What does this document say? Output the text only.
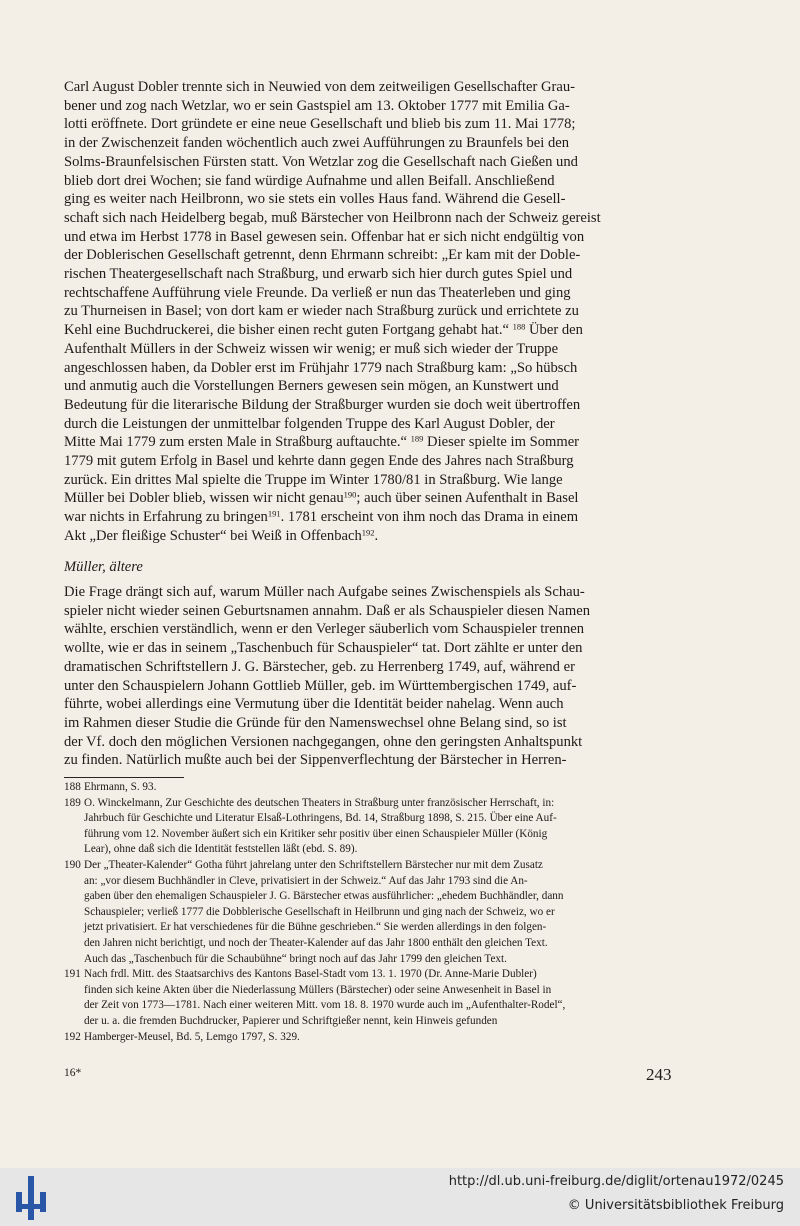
Carl August Dobler trennte sich in Neuwied von dem zeitweiligen Gesellschafter Grau-
bener und zog nach Wetzlar, wo er sein Gastspiel am 13. Oktober 1777 mit Emilia Ga-
lotti eröffnete. Dort gründete er eine neue Gesellschaft und blieb bis zum 11. Mai 1778;
in der Zwischenzeit fanden wöchentlich auch zwei Aufführungen zu Braunfels bei den
Solms-Braunfelsischen Fürsten statt. Von Wetzlar zog die Gesellschaft nach Gießen und
blieb dort drei Wochen; sie fand würdige Aufnahme und allen Beifall. Anschließend
ging es weiter nach Heilbronn, wo sie stets ein volles Haus fand. Während die Gesell-
schaft sich nach Heidelberg begab, muß Bärstecher von Heilbronn nach der Schweiz gereist
und etwa im Herbst 1778 in Basel gewesen sein. Offenbar hat er sich nicht endgültig von
der Doblerischen Gesellschaft getrennt, denn Ehrmann schreibt: „Er kam mit der Doble-
rischen Theatergesellschaft nach Straßburg, und erwarb sich hier durch gutes Spiel und
rechtschaffene Aufführung viele Freunde. Da verließ er nun das Theaterleben und ging
zu Thurneisen in Basel; von dort kam er wieder nach Straßburg zurück und errichtete zu
Kehl eine Buchdruckerei, die bisher einen recht guten Fortgang gehabt hat.“ $^{188}$ Über den
Aufenthalt Müllers in der Schweiz wissen wir wenig; er muß sich wieder der Truppe
angeschlossen haben, da Dobler erst im Frühjahr 1779 nach Straßburg kam: „So hübsch
und anmutig auch die Vorstellungen Berners gewesen sein mögen, an Kunstwert und
Bedeutung für die literarische Bildung der Straßburger wurden sie doch weit übertroffen
durch die Leistungen der unmittelbar folgenden Truppe des Karl August Dobler, der
Mitte Mai 1779 zum ersten Male in Straßburg auftauchte.“ $^{189}$ Dieser spielte im Sommer
1779 mit gutem Erfolg in Basel und kehrte dann gegen Ende des Jahres nach Straßburg
zurück. Ein drittes Mal spielte die Truppe im Winter 1780/81 in Straßburg. Wie lange
Müller bei Dobler blieb, wissen wir nicht genau$^{190}$; auch über seinen Aufenthalt in Basel
war nichts in Erfahrung zu bringen$^{191}$. 1781 erscheint von ihm noch das Drama in einem
Akt „Der fleißige Schuster“ bei Weiß in Offenbach$^{192}$.

Müller, ältere

Die Frage drängt sich auf, warum Müller nach Aufgabe seines Zwischenspiels als Schau-
spieler nicht wieder seinen Geburtsnamen annahm. Daß er als Schauspieler diesen Namen
wählte, erschien verständlich, wenn er den Verleger säuberlich vom Schauspieler trennen
wollte, wie er das in seinem „Taschenbuch für Schauspieler“ tat. Dort zählte er unter den
dramatischen Schriftstellern J. G. Bärstecher, geb. zu Herrenberg 1749, auf, während er
unter den Schauspielern Johann Gottlieb Müller, geb. im Württembergischen 1749, auf-
führte, wobei allerdings eine Vermutung über die Identität beider nahelag. Wenn auch
im Rahmen dieser Studie die Gründe für den Namenswechsel ohne Belang sind, so ist
der Vf. doch den möglichen Versionen nachgegangen, ohne den geringsten Anhaltspunkt
zu finden. Natürlich mußte auch bei der Sippenverflechtung der Bärstecher in Herren-
188 Ehrmann, S. 93.
189 O. Winckelmann, Zur Geschichte des deutschen Theaters in Straßburg unter französischer Herrschaft, in:
Jahrbuch für Geschichte und Literatur Elsaß-Lothringens, Bd. 14, Straßburg 1898, S. 215. Über eine Auf-
führung vom 12. November äußert sich ein Kritiker sehr positiv über einen Schauspieler Müller (König
Lear), ohne daß sich die Identität feststellen läßt (ebd. S. 89).
190 Der „Theater-Kalender“ Gotha führt jahrelang unter den Schriftstellern Bärstecher nur mit dem Zusatz
an: „vor diesem Buchhändler in Cleve, privatisiert in der Schweiz.“ Auf das Jahr 1793 sind die An-
gaben über den ehemaligen Schauspieler J. G. Bärstecher etwas ausführlicher: „ehedem Buchhändler, dann
Schauspieler; verließ 1777 die Dobblerische Gesellschaft in Heilbrunn und ging nach der Schweiz, wo er
jetzt privatisiert. Er hat verschiedenes für die Bühne geschrieben.“ Sie werden allerdings in den folgen-
den Jahren nicht berichtigt, und noch der Theater-Kalender auf das Jahr 1800 enthält den gleichen Text.
Auch das „Taschenbuch für die Schaubühne“ bringt noch auf das Jahr 1799 den gleichen Text.
191 Nach frdl. Mitt. des Staatsarchivs des Kantons Basel-Stadt vom 13. 1. 1970 (Dr. Anne-Marie Dubler)
finden sich keine Akten über die Niederlassung Müllers (Bärstecher) oder seine Anwesenheit in Basel in
der Zeit von 1773—1781. Nach einer weiteren Mitt. vom 18. 8. 1970 wurde auch im „Aufenthalter-Rodel“,
der u. a. die fremden Buchdrucker, Papierer und Schriftgießer nennt, kein Hinweis gefunden
192 Hamberger-Meusel, Bd. 5, Lemgo 1797, S. 329.
16*	243
http://dl.ub.uni-freiburg.de/diglit/ortenau1972/0245
© Universitätsbibliothek Freiburg
